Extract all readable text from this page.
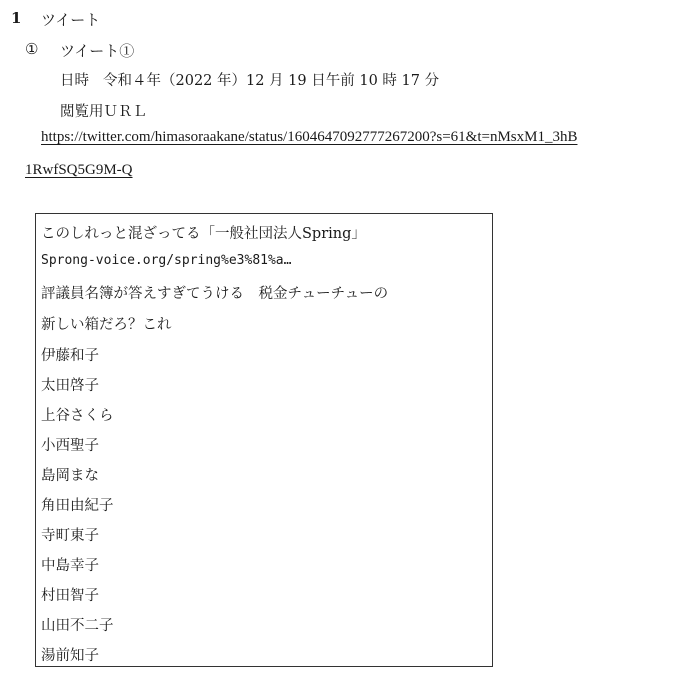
1 ツイート
① ツイート①
日時 令和４年（2022 年）12 月 19 日午前 10 時 17 分
閲覧用ＵＲＬ
https://twitter.com/himasoraakane/status/1604647092777267200?s=61&t=nMsxM1_3hB
1RwfSQ5G9M-Q
このしれっと混ざってる「一般社団法人Spring」
Sprong-voice.org/spring%e3%81%a…
評議員名簿が答えすぎてうける　税金チューチューの
新しい箱だろ？これ
伊藤和子
太田啓子
上谷さくら
小西聖子
島岡まな
角田由紀子
寺町東子
中島幸子
村田智子
山田不二子
湯前知子
